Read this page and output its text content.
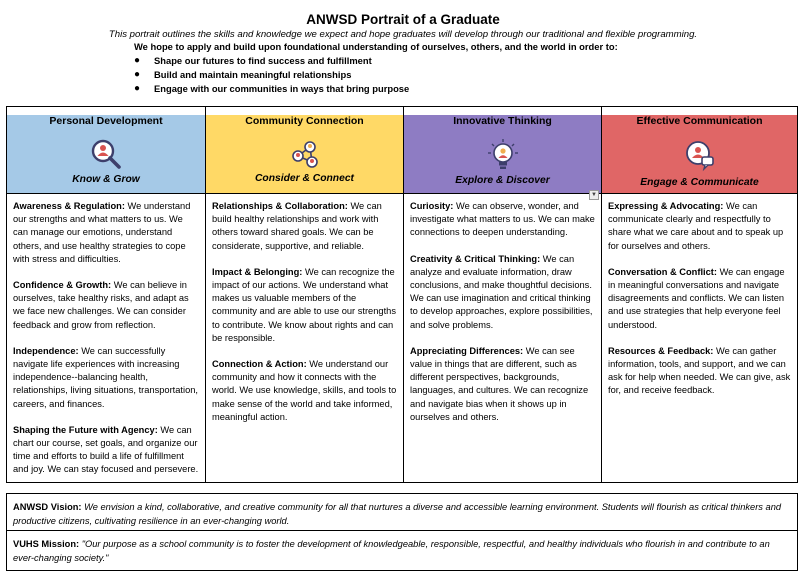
ANWSD Portrait of a Graduate
This portrait outlines the skills and knowledge we expect and hope graduates will develop through our traditional and flexible programming.
We hope to apply and build upon foundational understanding of ourselves, others, and the world in order to:
● Shape our futures to find success and fulfillment
● Build and maintain meaningful relationships
● Engage with our communities in ways that bring purpose
Personal Development
Know & Grow

Awareness & Regulation: We understand our strengths and what matters to us. We can manage our emotions, understand others, and use healthy strategies to cope with stress and difficulties.

Confidence & Growth: We can believe in ourselves, take healthy risks, and adapt as we face new challenges. We can consider feedback and grow from reflection.

Independence: We can successfully navigate life experiences with increasing independence--balancing health, relationships, living situations, transportation, careers, and finances.

Shaping the Future with Agency: We can chart our course, set goals, and organize our time and efforts to build a life of fulfillment and joy. We can stay focused and persevere.

Community Connection
Consider & Connect

Relationships & Collaboration: We can build healthy relationships and work with others toward shared goals. We can be considerate, supportive, and reliable.

Impact & Belonging: We can recognize the impact of our actions. We understand what makes us valuable members of the community and are able to use our strengths to contribute. We know about rights and can be responsible.

Connection & Action: We understand our community and how it connects with the world. We use knowledge, skills, and tools to make sense of the world and take informed, meaningful action.

Innovative Thinking
Explore & Discover

Curiosity: We can observe, wonder, and investigate what matters to us. We can make connections to deepen understanding.

Creativity & Critical Thinking: We can analyze and evaluate information, draw conclusions, and make thoughtful decisions. We can use imagination and critical thinking to develop approaches, explore possibilities, and solve problems.

Appreciating Differences: We can see value in things that are different, such as different perspectives, backgrounds, languages, and cultures. We can recognize and navigate bias when it shows up in ourselves and others.

▼
Effective Communication
Engage & Communicate

Expressing & Advocating: We can communicate clearly and respectfully to share what we care about and to speak up for ourselves and others.

Conversation & Conflict: We can engage in meaningful conversations and navigate disagreements and conflicts. We can listen and use strategies that help everyone feel understood.

Resources & Feedback: We can gather information, tools, and support, and we can ask for help when needed. We can give, ask for, and receive feedback.

ANWSD Vision: We envision a kind, collaborative, and creative community for all that nurtures a diverse and accessible learning environment. Students will flourish as critical thinkers and productive citizens, cultivating resilience in an ever-changing world.
VUHS Mission: "Our purpose as a school community is to foster the development of knowledgeable, responsible, respectful, and healthy individuals who flourish in and contribute to an ever-changing society."
